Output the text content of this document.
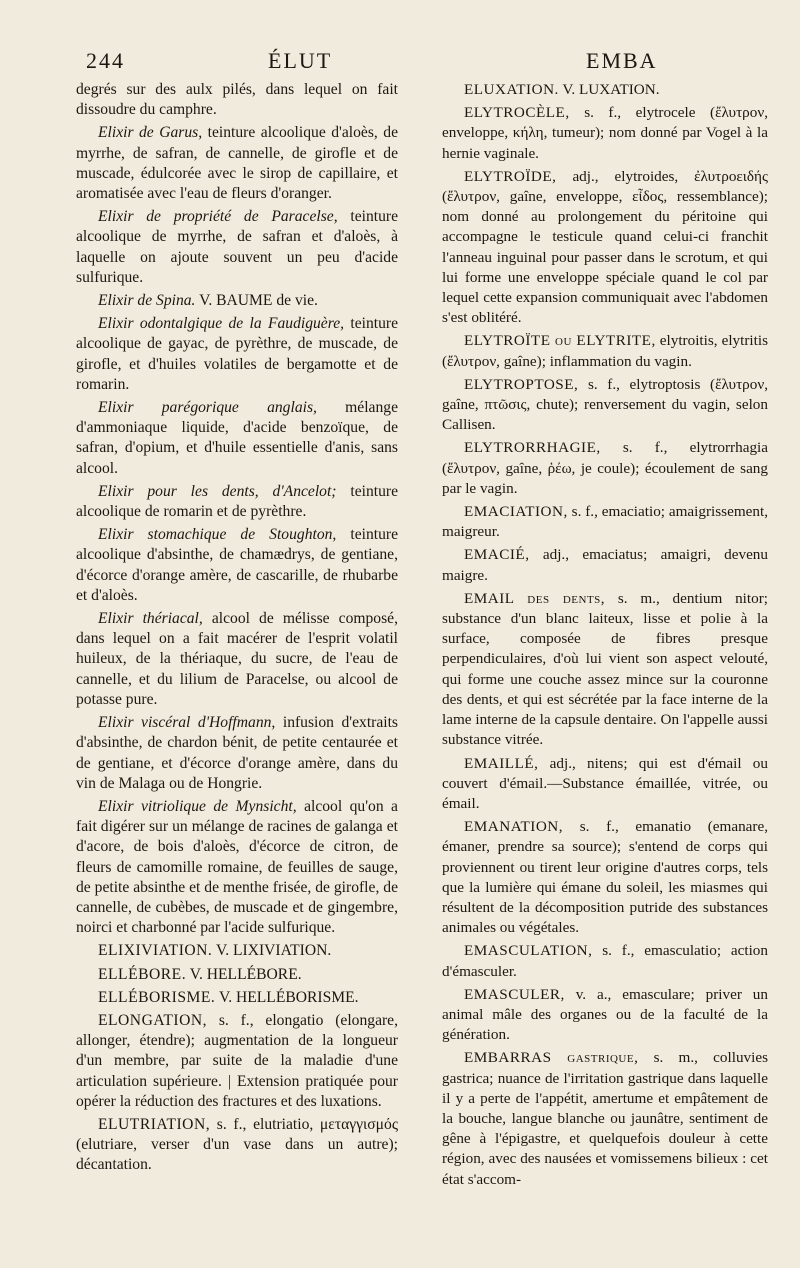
244	ÉLUT	EMBA

degrés sur des aulx pilés, dans lequel on fait dissoudre du camphre.

Elixir de Garus, teinture alcoolique d'aloès, de myrrhe, de safran, de cannelle, de girofle et de muscade, édulcorée avec le sirop de capillaire, et aromatisée avec l'eau de fleurs d'oranger.

Elixir de propriété de Paracelse, teinture alcoolique de myrrhe, de safran et d'aloès, à laquelle on ajoute souvent un peu d'acide sulfurique.

Elixir de Spina. V. BAUME de vie.

Elixir odontalgique de la Faudiguère, teinture alcoolique de gayac, de pyrèthre, de muscade, de girofle, et d'huiles volatiles de bergamotte et de romarin.

Elixir parégorique anglais, mélange d'ammoniaque liquide, d'acide benzoïque, de safran, d'opium, et d'huile essentielle d'anis, sans alcool.

Elixir pour les dents, d'Ancelot; teinture alcoolique de romarin et de pyrèthre.

Elixir stomachique de Stoughton, teinture alcoolique d'absinthe, de chamædrys, de gentiane, d'écorce d'orange amère, de cascarille, de rhubarbe et d'aloès.

Elixir thériacal, alcool de mélisse composé, dans lequel on a fait macérer de l'esprit volatil huileux, de la thériaque, du sucre, de l'eau de cannelle, et du lilium de Paracelse, ou alcool de potasse pure.

Elixir viscéral d'Hoffmann, infusion d'extraits d'absinthe, de chardon bénit, de petite centaurée et de gentiane, et d'écorce d'orange amère, dans du vin de Malaga ou de Hongrie.

Elixir vitriolique de Mynsicht, alcool qu'on a fait digérer sur un mélange de racines de galanga et d'acore, de bois d'aloès, d'écorce de citron, de fleurs de camomille romaine, de feuilles de sauge, de petite absinthe et de menthe frisée, de girofle, de cannelle, de cubèbes, de muscade et de gingembre, noirci et charbonné par l'acide sulfurique.

ELIXIVIATION. V. LIXIVIATION.

ELLÉBORE. V. HELLÉBORE.

ELLÉBORISME. V. HELLÉBORISME.

ELONGATION, s. f., elongatio (elongare, allonger, étendre); augmentation de la longueur d'un membre, par suite de la maladie d'une articulation supérieure. | Extension pratiquée pour opérer la réduction des fractures et des luxations.

ELUTRIATION, s. f., elutriatio, μεταγγισμός (elutriare, verser d'un vase dans un autre); décantation.

ELUXATION. V. LUXATION.

ELYTROCÈLE, s. f., elytrocele (ἔλυτρον, enveloppe, κήλη, tumeur); nom donné par Vogel à la hernie vaginale.

ELYTROÏDE, adj., elytroides, ἐλυτροειδής (ἔλυτρον, gaîne, enveloppe, εἶδος, ressemblance); nom donné au prolongement du péritoine qui accompagne le testicule quand celui-ci franchit l'anneau inguinal pour passer dans le scrotum, et qui lui forme une enveloppe spéciale quand le col par lequel cette expansion communiquait avec l'abdomen s'est oblitéré.

ELYTROÏTE ou ELYTRITE, elytroitis, elytritis (ἔλυτρον, gaîne); inflammation du vagin.

ELYTROPTOSE, s. f., elytroptosis (ἔλυτρον, gaîne, πτῶσις, chute); renversement du vagin, selon Callisen.

ELYTRORRHAGIE, s. f., elytrorrhagia (ἔλυτρον, gaîne, ῥέω, je coule); écoulement de sang par le vagin.

EMACIATION, s. f., emaciatio; amaigrissement, maigreur.

EMACIÉ, adj., emaciatus; amaigri, devenu maigre.

EMAIL des dents, s. m., dentium nitor; substance d'un blanc laiteux, lisse et polie à la surface, composée de fibres presque perpendiculaires, d'où lui vient son aspect velouté, qui forme une couche assez mince sur la couronne des dents, et qui est sécrétée par la face interne de la lame interne de la capsule dentaire. On l'appelle aussi substance vitrée.

EMAILLÉ, adj., nitens; qui est d'émail ou couvert d'émail.—Substance émaillée, vitrée, ou émail.

EMANATION, s. f., emanatio (emanare, émaner, prendre sa source); s'entend de corps qui proviennent ou tirent leur origine d'autres corps, tels que la lumière qui émane du soleil, les miasmes qui résultent de la décomposition putride des substances animales ou végétales.

EMASCULATION, s. f., emasculatio; action d'émasculer.

EMASCULER, v. a., emasculare; priver un animal mâle des organes ou de la faculté de la génération.

EMBARRAS gastrique, s. m., colluvies gastrica; nuance de l'irritation gastrique dans laquelle il y a perte de l'appétit, amertume et empâtement de la bouche, langue blanche ou jaunâtre, sentiment de gêne à l'épigastre, et quelquefois douleur à cette région, avec des nausées et vomissemens bilieux : cet état s'accom-
